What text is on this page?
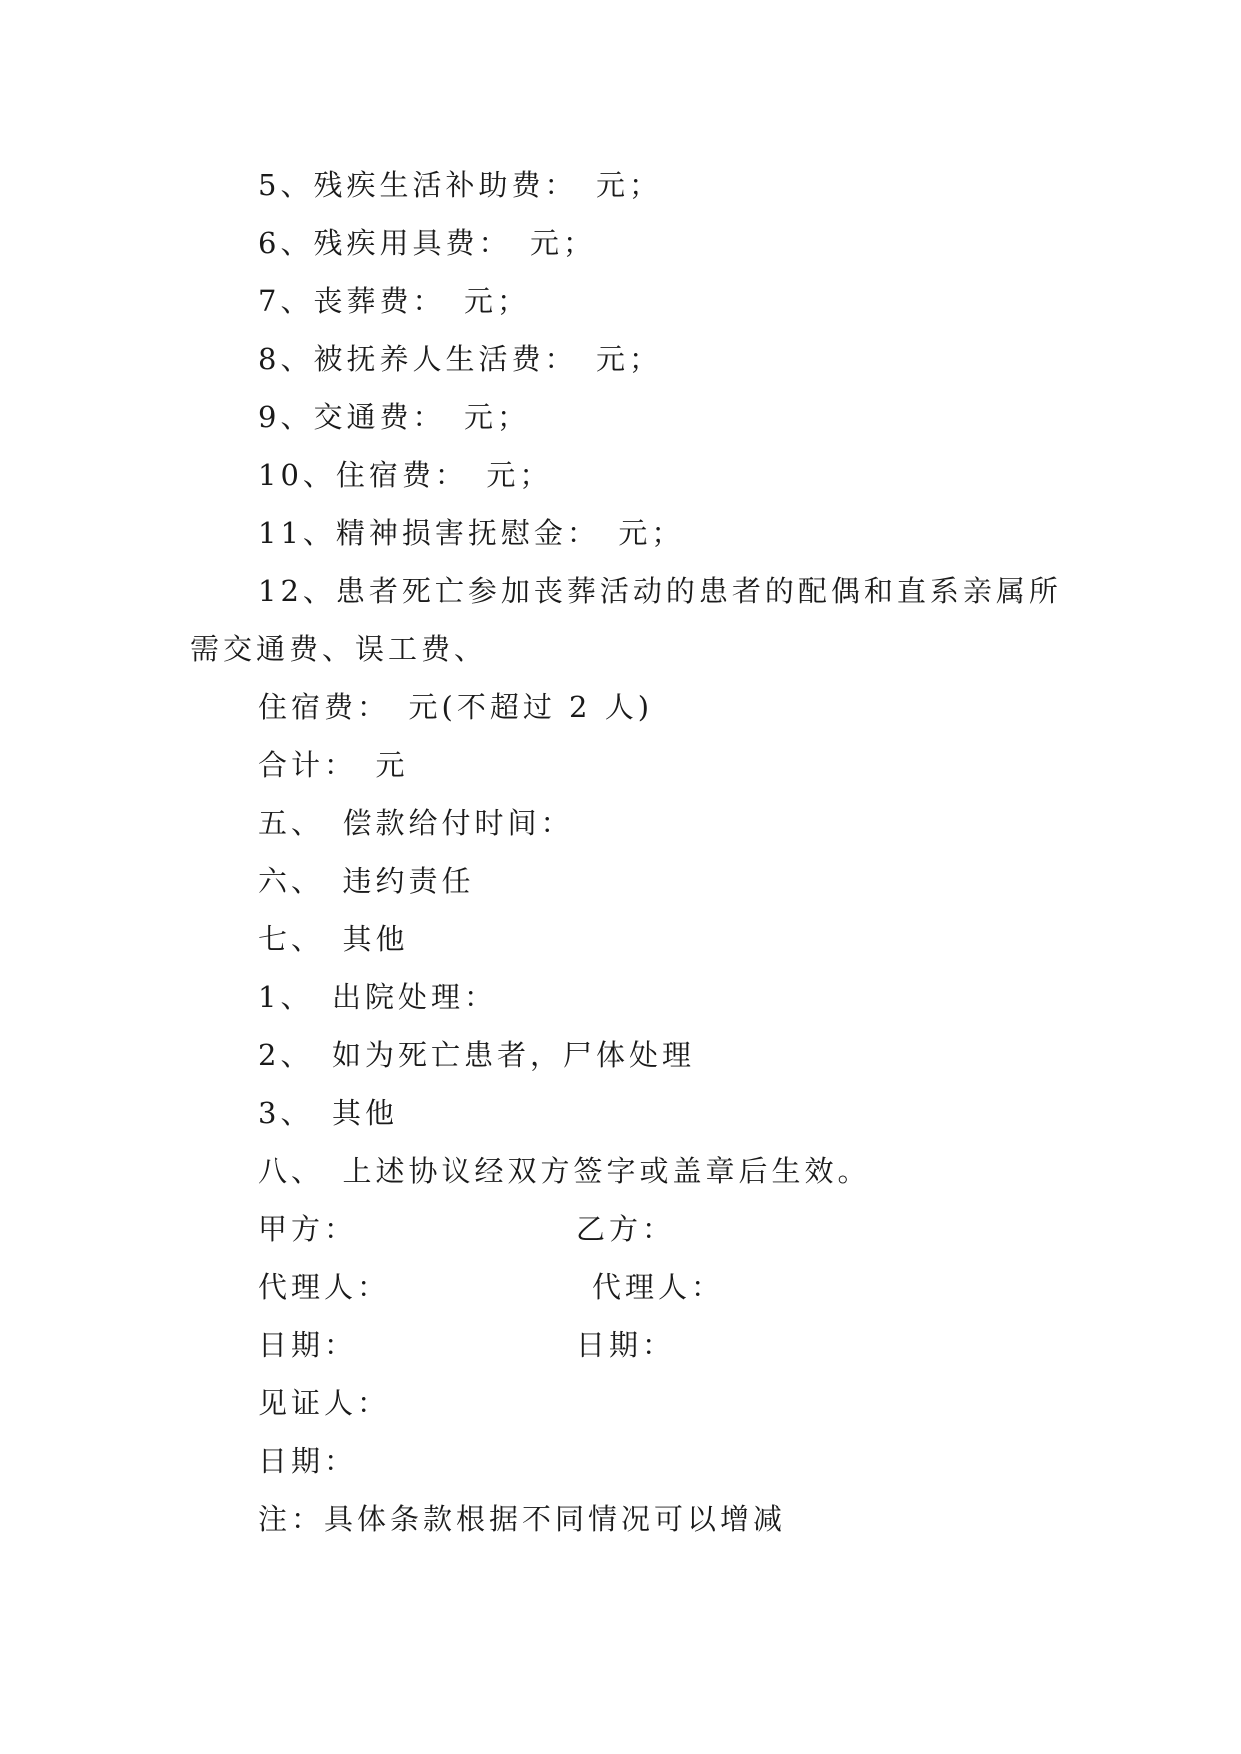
5、残疾生活补助费：　元；
6、残疾用具费：　元；
7、丧葬费：　元；
8、被抚养人生活费：　元；
9、交通费：　元；
10、住宿费：　元；
11、精神损害抚慰金：　元；
12、患者死亡参加丧葬活动的患者的配偶和直系亲属所
需交通费、误工费、
住宿费：　元(不超过 2 人)
合计：　元
五、　偿款给付时间：
六、　违约责任
七、　其他
1、　出院处理：
2、　如为死亡患者，尸体处理
3、　其他
八、　上述协议经双方签字或盖章后生效。
甲方：	乙方：
代理人：	代理人：
日期：	日期：
见证人：
日期：
注：具体条款根据不同情况可以增减
